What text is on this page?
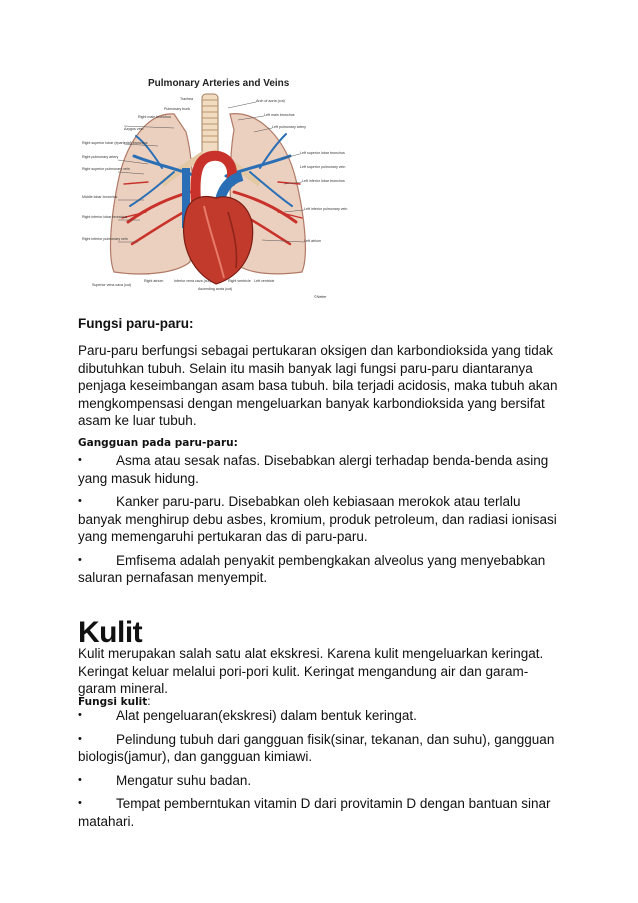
Pulmonary Arteries and Veins
Trachea
Pulmonary trunk
Right main bronchus
Azygos vein
Right superior lobar (eparterial) bronchus
Right pulmonary artery
Right superior pulmonary vein
Middle lobar bronchus
Right inferior lobar bronchus
Right inferior pulmonary vein
Superior vena cava (cut)
Right atrium	Inferior vena cava (cut)
Ascending aorta (cut)
Arch of aorta (cut)
Left main bronchus
Left pulmonary artery
Left superior lobar bronchus
Left superior pulmonary vein
Left inferior lobar bronchus
Left inferior pulmonary vein
Left atrium
Left ventricle
Right ventricle
©Netter
Fungsi paru-paru:

Paru-paru berfungsi sebagai pertukaran oksigen dan karbondioksida yang tidak

dibutuhkan tubuh. Selain itu masih banyak lagi fungsi paru-paru diantaranya

penjaga keseimbangan asam basa tubuh. bila terjadi acidosis, maka tubuh akan

mengkompensasi dengan mengeluarkan banyak karbondioksida yang bersifat

asam ke luar tubuh.

Gangguan pada paru-paru:

•	Asma atau sesak nafas. Disebabkan alergi terhadap benda-benda asing

yang masuk hidung.

•	Kanker paru-paru. Disebabkan oleh kebiasaan merokok atau terlalu

banyak menghirup debu asbes, kromium, produk petroleum, dan radiasi ionisasi

yang memengaruhi pertukaran das di paru-paru.

•	Emfisema adalah penyakit pembengkakan alveolus yang menyebabkan

saluran pernafasan menyempit.

Kulit

Kulit merupakan salah satu alat ekskresi. Karena kulit mengeluarkan keringat.

Keringat keluar melalui pori-pori kulit. Keringat mengandung air dan garam-

garam mineral.

Fungsi kulit:

•	Alat pengeluaran(ekskresi) dalam bentuk keringat.

•	Pelindung tubuh dari gangguan fisik(sinar, tekanan, dan suhu), gangguan

biologis(jamur), dan gangguan kimiawi.

•	Mengatur suhu badan.

•	Tempat pemberntukan vitamin D dari provitamin D dengan bantuan sinar

matahari.
